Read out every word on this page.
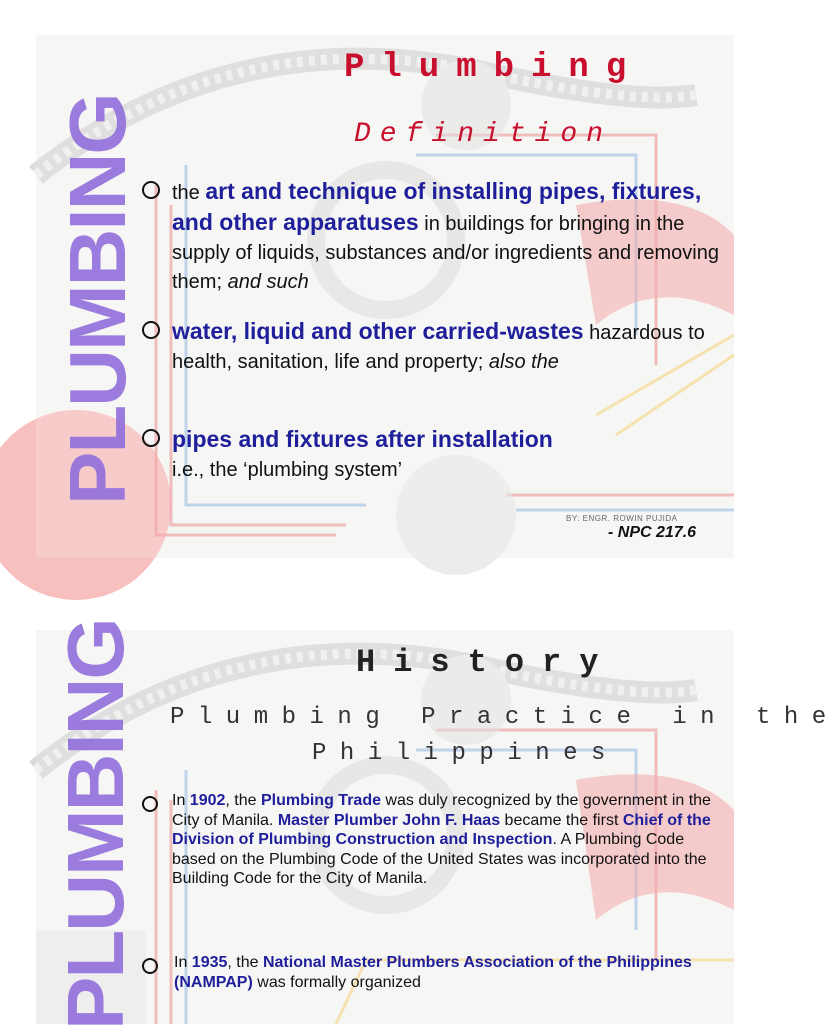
PLUMBING
Plumbing
Definition
the art and technique of installing pipes, fixtures, and other apparatuses in buildings for bringing in the supply of liquids, substances and/or ingredients and removing them; and such
water, liquid and other carried-wastes hazardous to health, sanitation, life and property; also the
pipes and fixtures after installation
i.e., the ‘plumbing system’
BY: ENGR. ROWIN PUJIDA
- NPC 217.6
PLUMBING	History
Plumbing Practice in the
Philippines
In 1902, the Plumbing Trade was duly recognized by the government in the City of Manila. Master Plumber John F. Haas became the first Chief of the Division of Plumbing Construction and Inspection. A Plumbing Code based on the Plumbing Code of the United States was incorporated into the Building Code for the City of Manila.
In 1935, the National Master Plumbers Association of the Philippines (NAMPAP) was formally organized
